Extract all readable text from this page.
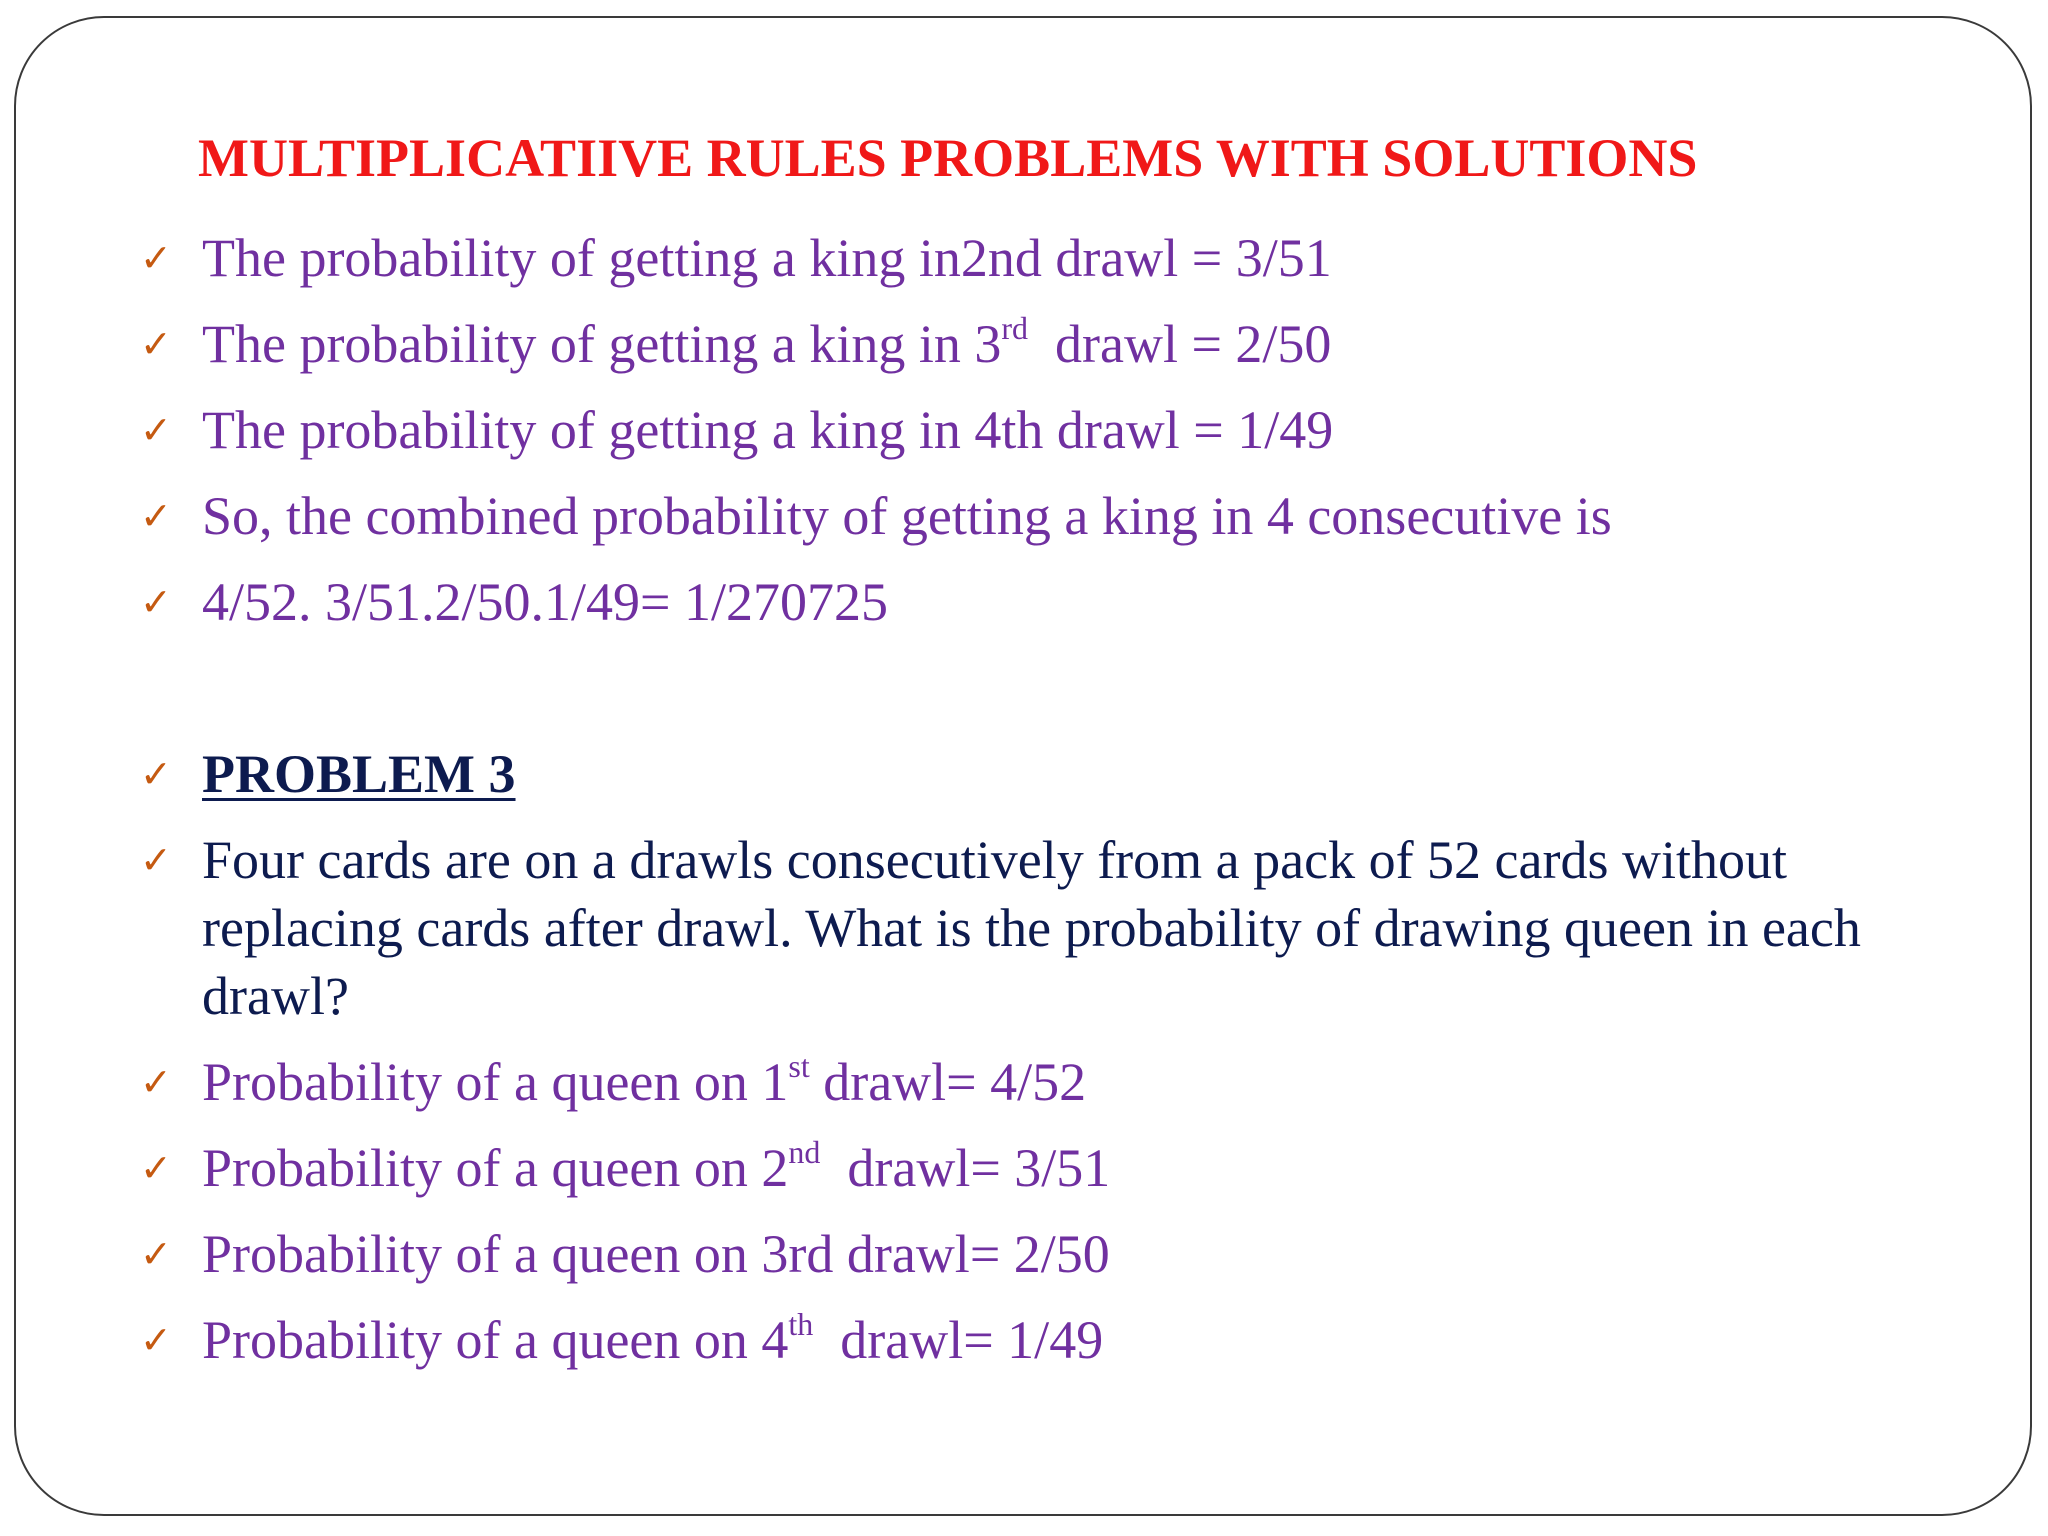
MULTIPLICATIIVE RULES PROBLEMS WITH SOLUTIONS
✓ The probability of getting a king in2nd drawl = 3/51
✓ The probability of getting a king in 3rd  drawl = 2/50
✓ The probability of getting a king in 4th drawl = 1/49
✓ So, the combined probability of getting a king in 4 consecutive is
✓ 4/52. 3/51.2/50.1/49= 1/270725
✓ PROBLEM 3
✓ Four cards are on a drawls consecutively from a pack of 52 cards without replacing cards after drawl. What is the probability of drawing queen in each drawl?
✓ Probability of a queen on 1st drawl= 4/52
✓ Probability of a queen on 2nd  drawl= 3/51
✓ Probability of a queen on 3rd drawl= 2/50
✓ Probability of a queen on 4th  drawl= 1/49
